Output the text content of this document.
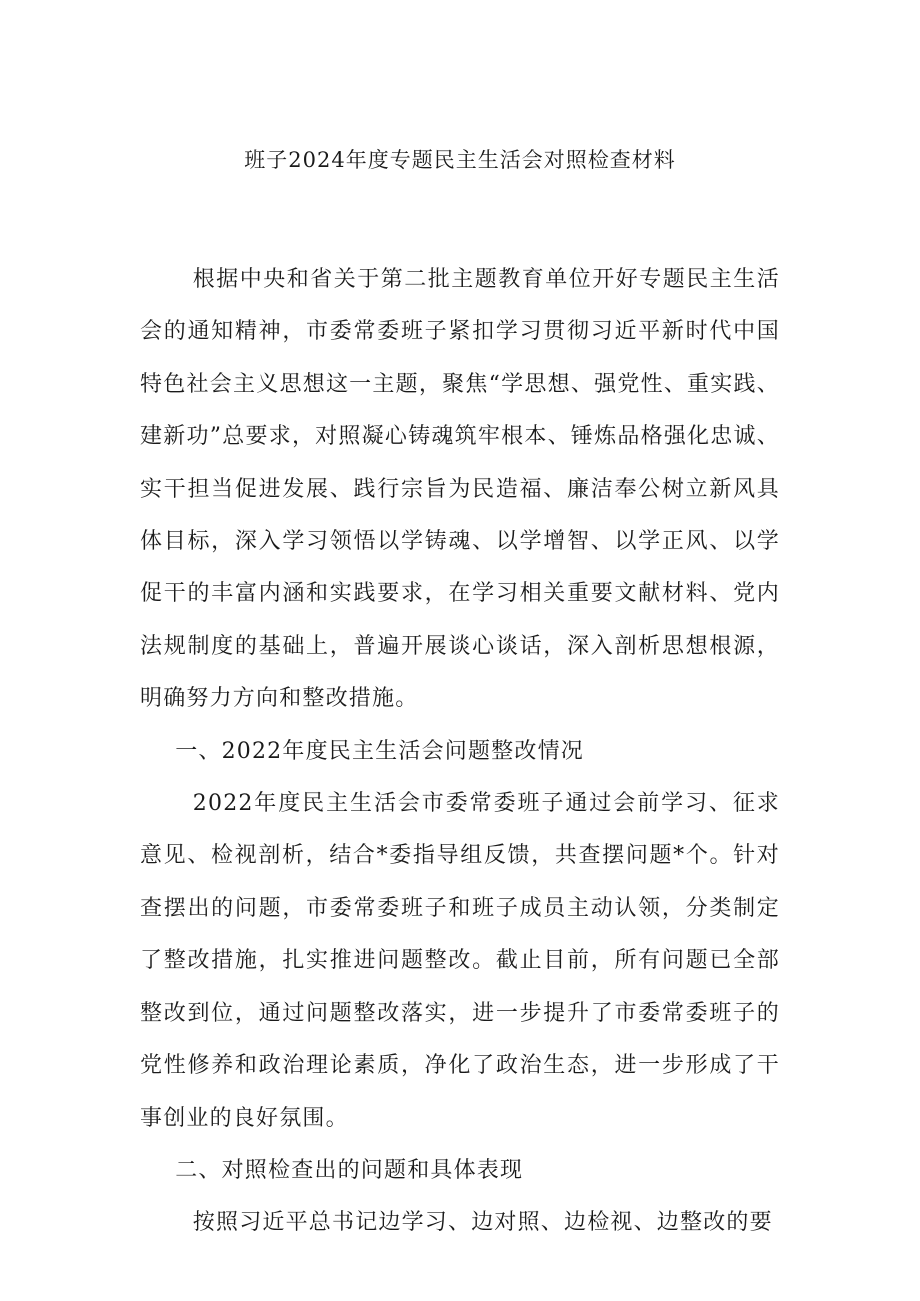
班子2024年度专题民主生活会对照检查材料

根据中央和省关于第二批主题教育单位开好专题民主生活会的通知精神，市委常委班子紧扣学习贯彻习近平新时代中国特色社会主义思想这一主题，聚焦“学思想、强党性、重实践、建新功”总要求，对照凝心铸魂筑牢根本、锤炼品格强化忠诚、实干担当促进发展、践行宗旨为民造福、廉洁奉公树立新风具体目标，深入学习领悟以学铸魂、以学增智、以学正风、以学促干的丰富内涵和实践要求，在学习相关重要文献材料、党内法规制度的基础上，普遍开展谈心谈话，深入剖析思想根源，明确努力方向和整改措施。

一、2022年度民主生活会问题整改情况

2022年度民主生活会市委常委班子通过会前学习、征求意见、检视剖析，结合*委指导组反馈，共查摆问题*个。针对查摆出的问题，市委常委班子和班子成员主动认领，分类制定了整改措施，扎实推进问题整改。截止目前，所有问题已全部整改到位，通过问题整改落实，进一步提升了市委常委班子的党性修养和政治理论素质，净化了政治生态，进一步形成了干事创业的良好氛围。

二、对照检查出的问题和具体表现

按照习近平总书记边学习、边对照、边检视、边整改的要
